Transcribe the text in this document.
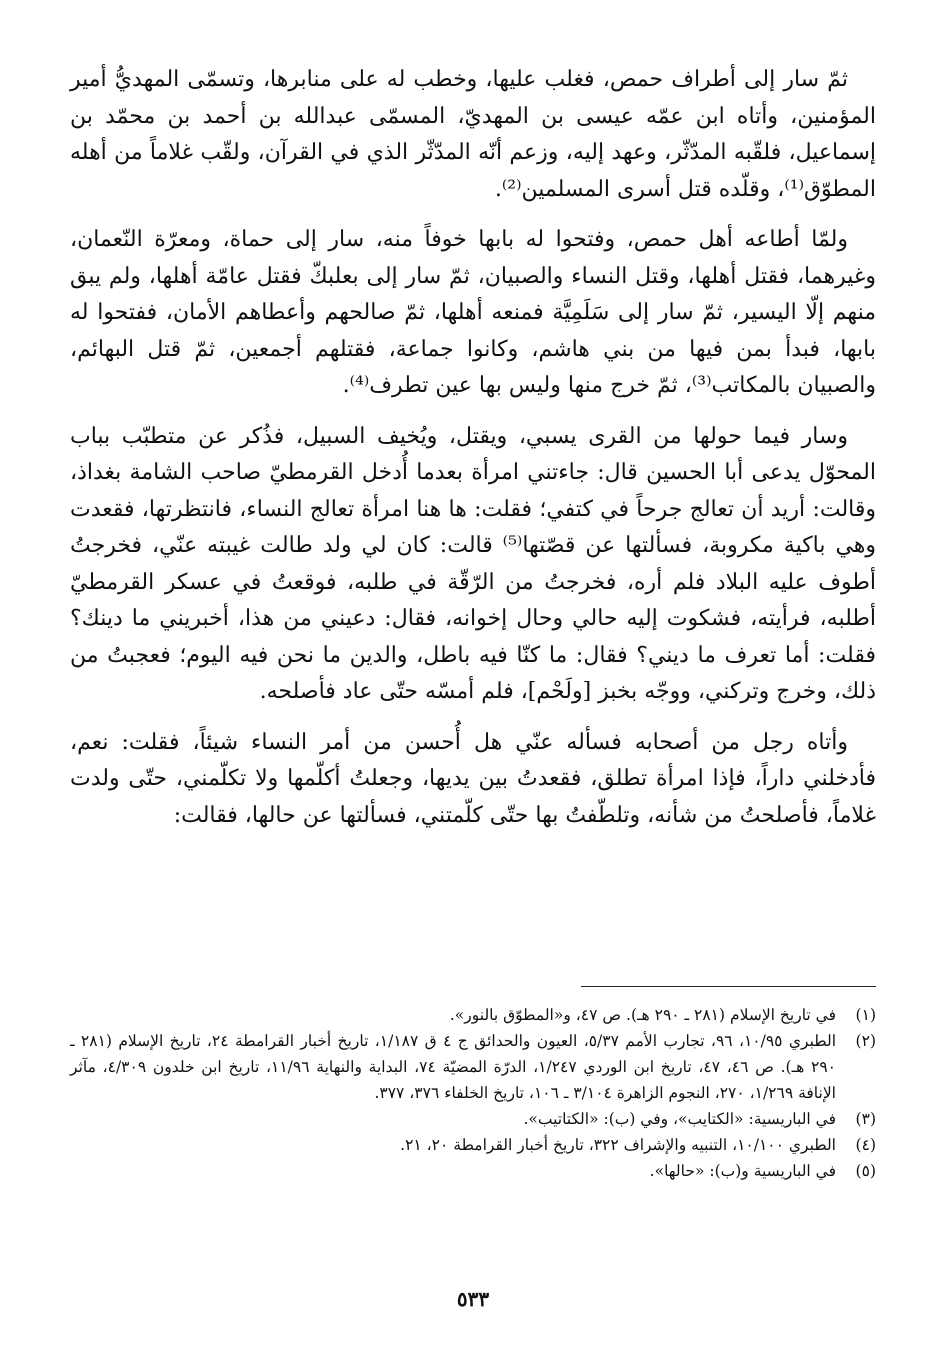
ثمّ سار إلى أطراف حمص، فغلب عليها، وخطب له على منابرها، وتسمّى المهديُّ أمير المؤمنين، وأتاه ابن عمّه عيسى بن المهديّ، المسمّى عبدالله بن أحمد بن محمّد بن إسماعيل، فلقّبه المدّثّر، وعهد إليه، وزعم أنّه المدّثّر الذي في القرآن، ولقّب غلاماً من أهله المطوّق⁽¹⁾، وقلّده قتل أسرى المسلمين⁽²⁾.

ولمّا أطاعه أهل حمص، وفتحوا له بابها خوفاً منه، سار إلى حماة، ومعرّة النّعمان، وغيرهما، فقتل أهلها، وقتل النساء والصبيان، ثمّ سار إلى بعلبكّ فقتل عامّة أهلها، ولم يبق منهم إلّا اليسير، ثمّ سار إلى سَلَمِيَّة فمنعه أهلها، ثمّ صالحهم وأعطاهم الأمان، ففتحوا له بابها، فبدأ بمن فيها من بني هاشم، وكانوا جماعة، فقتلهم أجمعين، ثمّ قتل البهائم، والصبيان بالمكاتب⁽³⁾، ثمّ خرج منها وليس بها عين تطرف⁽⁴⁾.

وسار فيما حولها من القرى يسبي، ويقتل، ويُخيف السبيل، فذُكر عن متطبّب بباب المحوّل يدعى أبا الحسين قال: جاءتني امرأة بعدما أُدخل القرمطيّ صاحب الشامة بغداذ، وقالت: أريد أن تعالج جرحاً في كتفي؛ فقلت: ها هنا امرأة تعالج النساء، فانتظرتها، فقعدت وهي باكية مكروبة، فسألتها عن قصّتها⁽⁵⁾ قالت: كان لي ولد طالت غيبته عنّي، فخرجتُ أطوف عليه البلاد فلم أره، فخرجتُ من الرّقّة في طلبه، فوقعتُ في عسكر القرمطيّ أطلبه، فرأيته، فشكوت إليه حالي وحال إخوانه، فقال: دعيني من هذا، أخبريني ما دينك؟ فقلت: أما تعرف ما ديني؟ فقال: ما كنّا فيه باطل، والدين ما نحن فيه اليوم؛ فعجبتُ من ذلك، وخرج وتركني، ووجّه بخبز [ولَحْم]، فلم أمسّه حتّى عاد فأصلحه.

وأتاه رجل من أصحابه فسأله عنّي هل أُحسن من أمر النساء شيئاً، فقلت: نعم، فأدخلني داراً، فإذا امرأة تطلق، فقعدتُ بين يديها، وجعلتُ أكلّمها ولا تكلّمني، حتّى ولدت غلاماً، فأصلحتُ من شأنه، وتلطّفتُ بها حتّى كلّمتني، فسألتها عن حالها، فقالت:

(١)
في تاريخ الإسلام (٢٨١ ـ ٢٩٠ هـ). ص ٤٧، و«المطوّق بالنور».
(٢)
الطبري ١٠/٩٥، ٩٦، تجارب الأمم ٥/٣٧، العيون والحدائق ج ٤ ق ١/١٨٧، تاريخ أخبار القرامطة ٢٤، تاريخ الإسلام (٢٨١ ـ ٢٩٠ هـ). ص ٤٦، ٤٧، تاريخ ابن الوردي ١/٢٤٧، الدرّة المضيّة ٧٤، البداية والنهاية ١١/٩٦، تاريخ ابن خلدون ٤/٣٠٩، مآثر الإنافة ١/٢٦٩، ٢٧٠، النجوم الزاهرة ٣/١٠٤ ـ ١٠٦، تاريخ الخلفاء ٣٧٦، ٣٧٧.
(٣)
في الباريسية: «الكتايب»، وفي (ب): «الكتاتيب».
(٤)
الطبري ١٠/١٠٠، التنبيه والإشراف ٣٢٢، تاريخ أخبار القرامطة ٢٠، ٢١.
(٥)
في الباريسية و(ب): «حالها».
٥٣٣
